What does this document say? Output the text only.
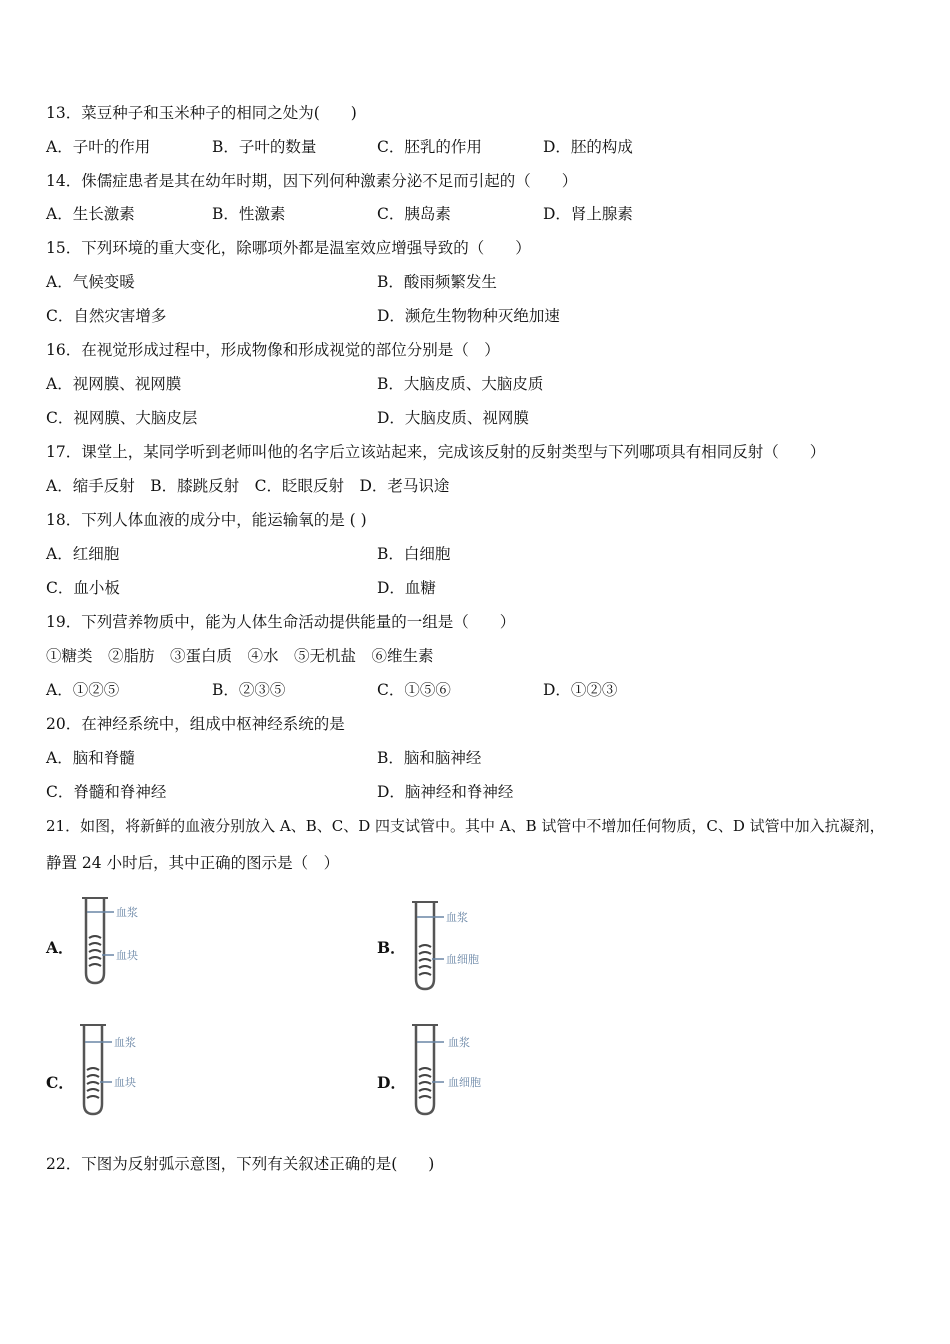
13．菜豆种子和玉米种子的相同之处为(　　)
A．子叶的作用	B．子叶的数量	C．胚乳的作用	D．胚的构成
14．侏儒症患者是其在幼年时期，因下列何种激素分泌不足而引起的（　　）
A．生长激素	B．性激素	C．胰岛素	D．肾上腺素
15．下列环境的重大变化，除哪项外都是温室效应增强导致的（　　）
A．气候变暖	B．酸雨频繁发生
C．自然灾害增多	D．濒危生物物种灭绝加速
16．在视觉形成过程中，形成物像和形成视觉的部位分别是（　）
A．视网膜、视网膜	B．大脑皮质、大脑皮质
C．视网膜、大脑皮层	D．大脑皮质、视网膜
17．课堂上，某同学听到老师叫他的名字后立该站起来，完成该反射的反射类型与下列哪项具有相同反射（　　）
A．缩手反射　B．膝跳反射　C．眨眼反射　D．老马识途
18．下列人体血液的成分中，能运输氧的是 ( )
A．红细胞	B．白细胞
C．血小板	D．血糖
19．下列营养物质中，能为人体生命活动提供能量的一组是（　　）
①糖类　②脂肪　③蛋白质　④水　⑤无机盐　⑥维生素
A．①②⑤	B．②③⑤	C．①⑤⑥	D．①②③
20．在神经系统中，组成中枢神经系统的是
A．脑和脊髓	B．脑和脑神经
C．脊髓和脊神经	D．脑神经和脊神经
21．如图，将新鲜的血液分别放入 A、B、C、D 四支试管中。其中 A、B 试管中不增加任何物质，C、D 试管中加入抗凝剂，
静置 24 小时后，其中正确的图示是（　）
A．
血浆
血块	B．
血浆
血细胞
C．
血浆
血块	D．
血浆
血细胞
22．下图为反射弧示意图，下列有关叙述正确的是(　　)
